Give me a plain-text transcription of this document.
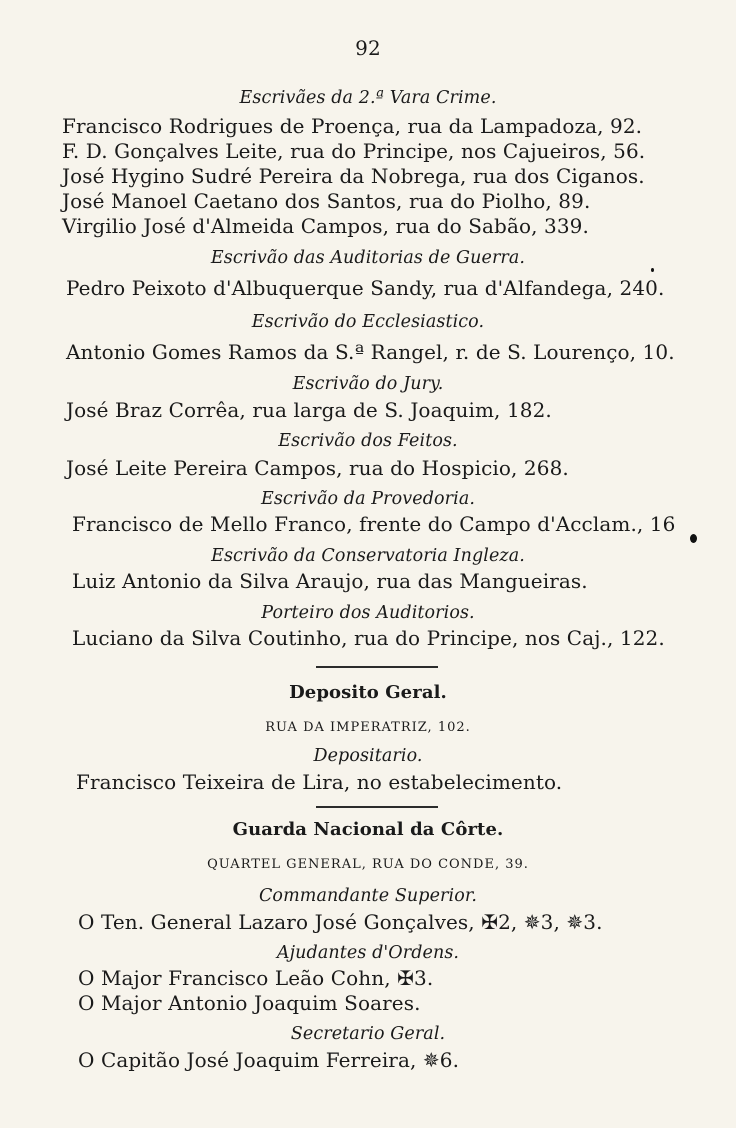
92
Escrivães da 2.ª Vara Crime.
Francisco Rodrigues de Proença, rua da Lampadoza, 92.
F. D. Gonçalves Leite, rua do Principe, nos Cajueiros, 56.
José Hygino Sudré Pereira da Nobrega, rua dos Ciganos.
José Manoel Caetano dos Santos, rua do Piolho, 89.
Virgilio José d'Almeida Campos, rua do Sabão, 339.
Escrivão das Auditorias de Guerra.
Pedro Peixoto d'Albuquerque Sandy, rua d'Alfandega, 240.
Escrivão do Ecclesiastico.
Antonio Gomes Ramos da S.ª Rangel, r. de S. Lourenço, 10.
Escrivão do Jury.
José Braz Corrêa, rua larga de S. Joaquim, 182.
Escrivão dos Feitos.
José Leite Pereira Campos, rua do Hospicio, 268.
Escrivão da Provedoria.
Francisco de Mello Franco, frente do Campo d'Acclam., 16
Escrivão da Conservatoria Ingleza.
Luiz Antonio da Silva Araujo, rua das Mangueiras.
Porteiro dos Auditorios.
Luciano da Silva Coutinho, rua do Principe, nos Caj., 122.
Deposito Geral.
RUA DA IMPERATRIZ, 102.
Depositario.
Francisco Teixeira de Lira, no estabelecimento.
Guarda Nacional da Côrte.
QUARTEL GENERAL, RUA DO CONDE, 39.
Commandante Superior.
O Ten. General Lazaro José Gonçalves, ✠2, ✵3, ✵3.
Ajudantes d'Ordens.
O Major Francisco Leão Cohn, ✠3.
O Major Antonio Joaquim Soares.
Secretario Geral.
O Capitão José Joaquim Ferreira, ✵6.
